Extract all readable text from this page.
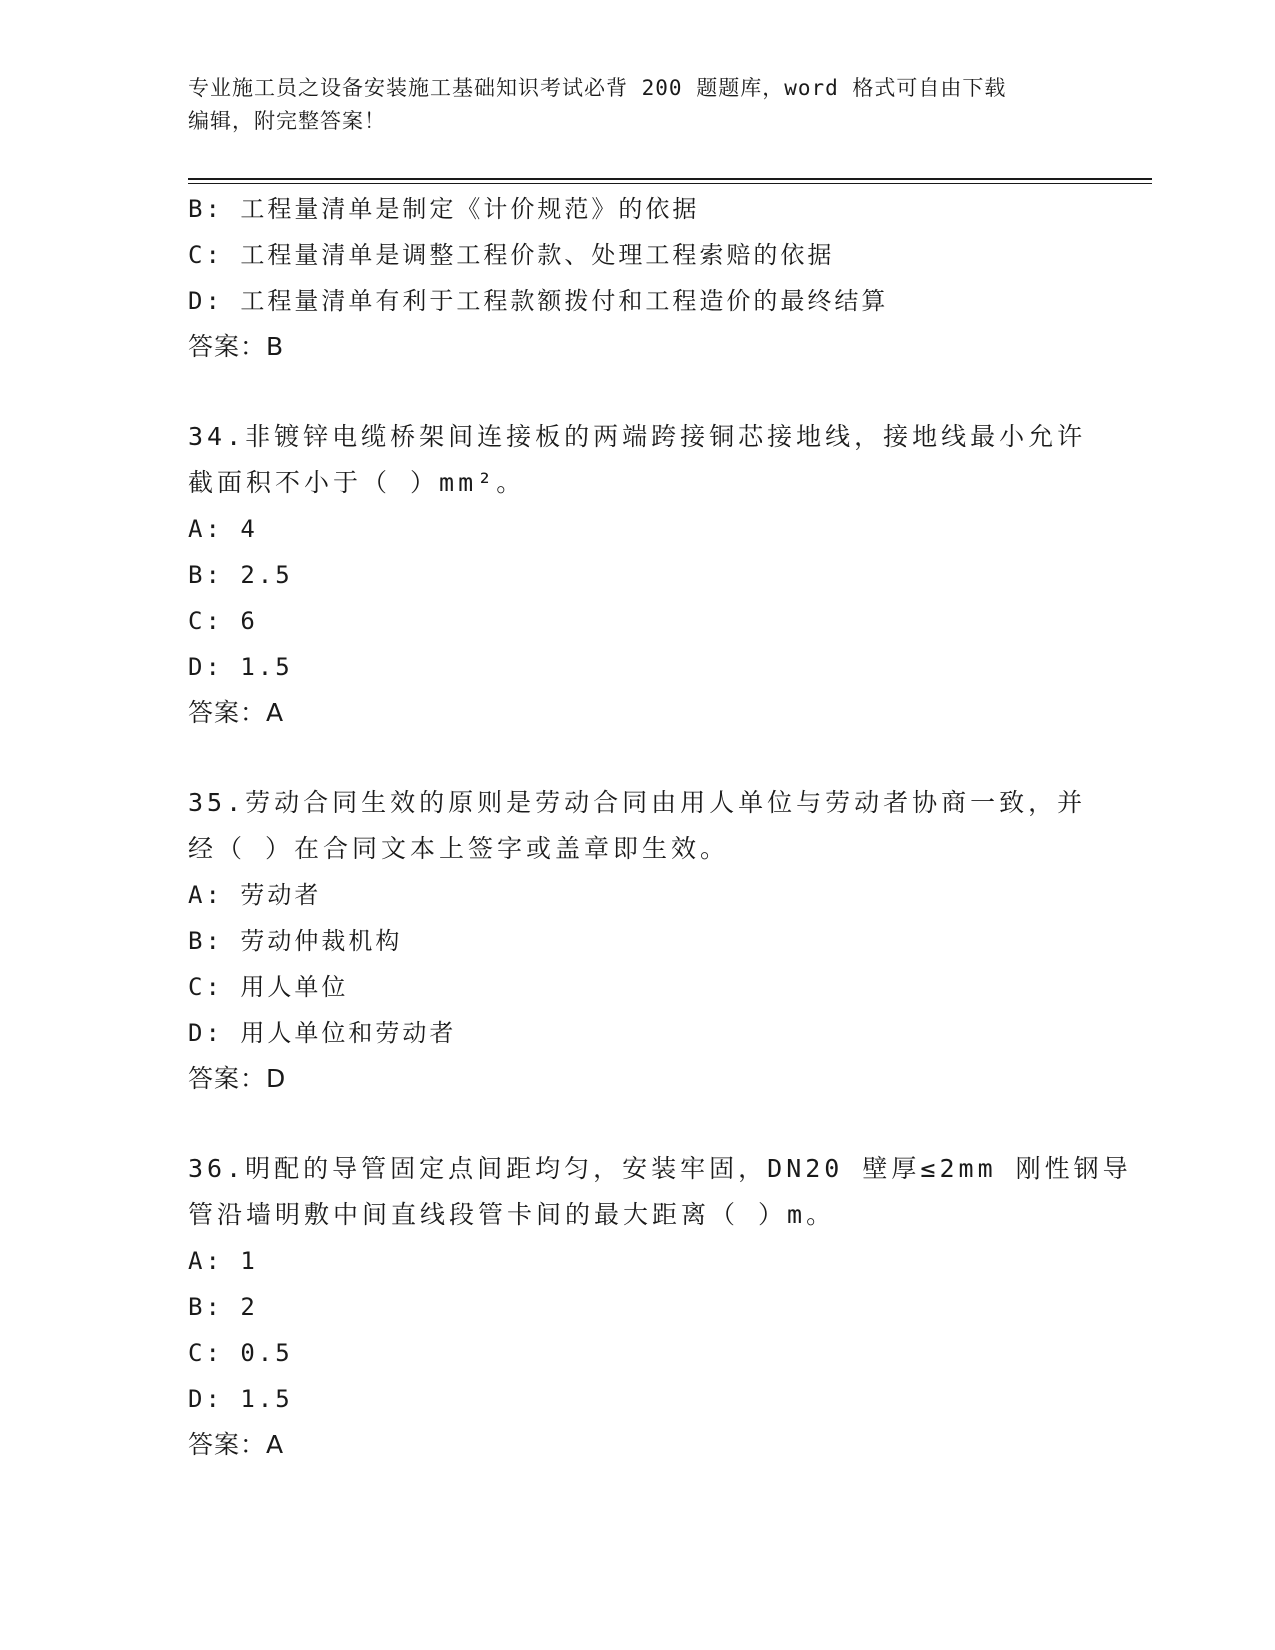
专业施工员之设备安装施工基础知识考试必背 200 题题库，word 格式可自由下载
编辑，附完整答案！
B: 工程量清单是制定《计价规范》的依据
C: 工程量清单是调整工程价款、处理工程索赔的依据
D: 工程量清单有利于工程款额拨付和工程造价的最终结算
答案：B
34.非镀锌电缆桥架间连接板的两端跨接铜芯接地线，接地线最小允许
截面积不小于（ ）mm²。
A: 4
B: 2.5
C: 6
D: 1.5
答案：A
35.劳动合同生效的原则是劳动合同由用人单位与劳动者协商一致，并
经（ ）在合同文本上签字或盖章即生效。
A: 劳动者
B: 劳动仲裁机构
C: 用人单位
D: 用人单位和劳动者
答案：D
36.明配的导管固定点间距均匀，安装牢固，DN20 壁厚≤2mm 刚性钢导
管沿墙明敷中间直线段管卡间的最大距离（ ）m。
A: 1
B: 2
C: 0.5
D: 1.5
答案：A
